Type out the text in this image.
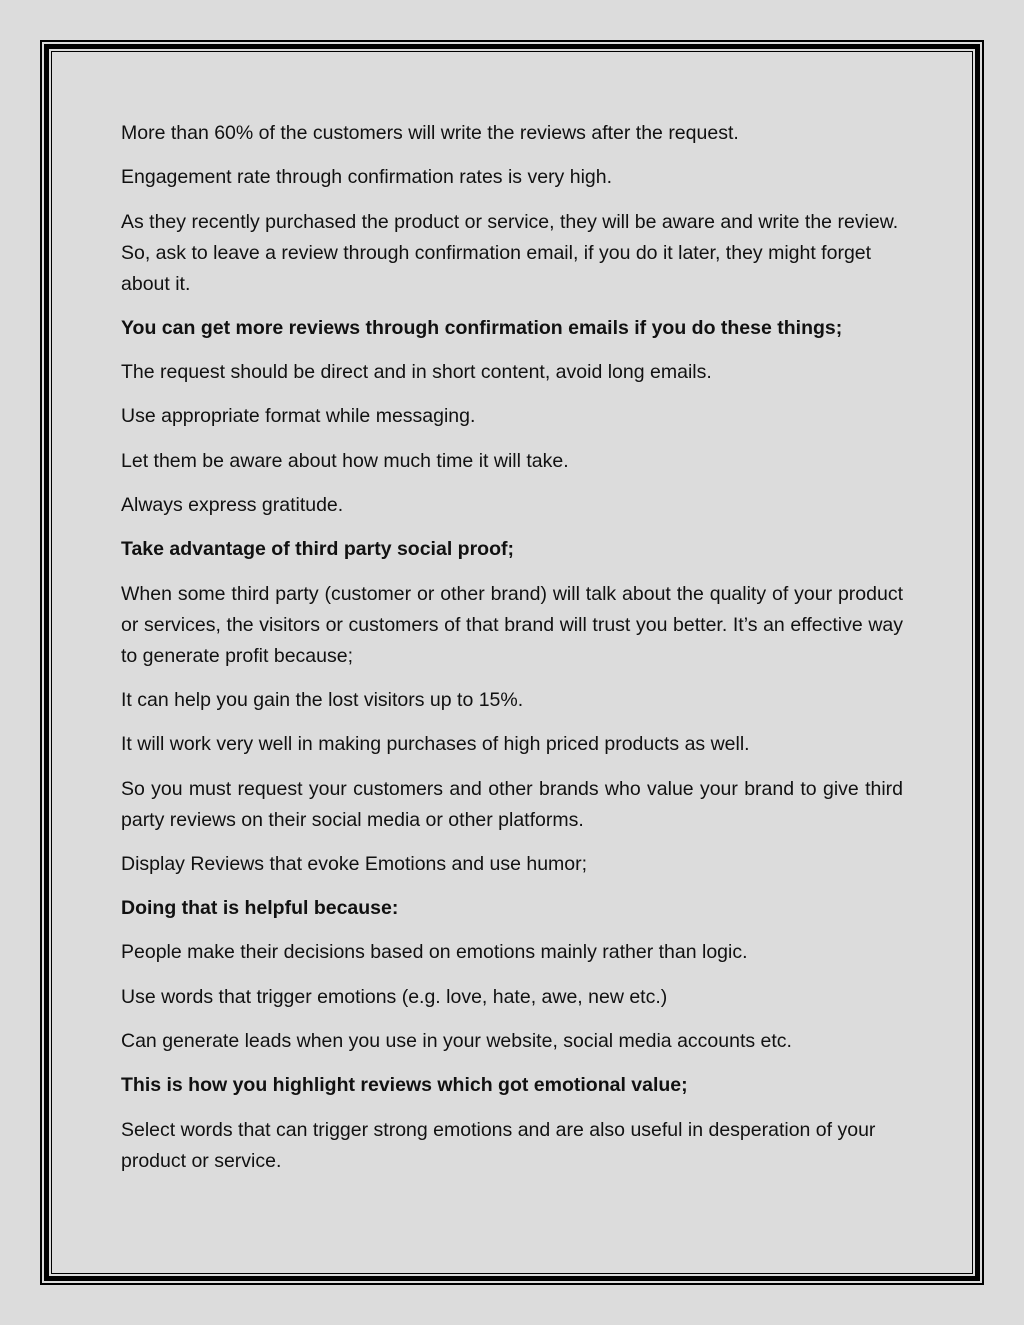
More than 60% of the customers will write the reviews after the request.

Engagement rate through confirmation rates is very high.

As they recently purchased the product or service, they will be aware and write the review. So, ask to leave a review through confirmation email, if you do it later, they might forget about it.

You can get more reviews through confirmation emails if you do these things;

The request should be direct and in short content, avoid long emails.

Use appropriate format while messaging.

Let them be aware about how much time it will take.

Always express gratitude.

Take advantage of third party social proof;

When some third party (customer or other brand) will talk about the quality of your product or services, the visitors or customers of that brand will trust you better. It’s an effective way to generate profit because;

It can help you gain the lost visitors up to 15%.

It will work very well in making purchases of high priced products as well.

So you must request your customers and other brands who value your brand to give third party reviews on their social media or other platforms.

Display Reviews that evoke Emotions and use humor;

Doing that is helpful because:

People make their decisions based on emotions mainly rather than logic.

Use words that trigger emotions (e.g. love, hate, awe, new etc.)

Can generate leads when you use in your website, social media accounts etc.

This is how you highlight reviews which got emotional value;

Select words that can trigger strong emotions and are also useful in desperation of your product or service.
